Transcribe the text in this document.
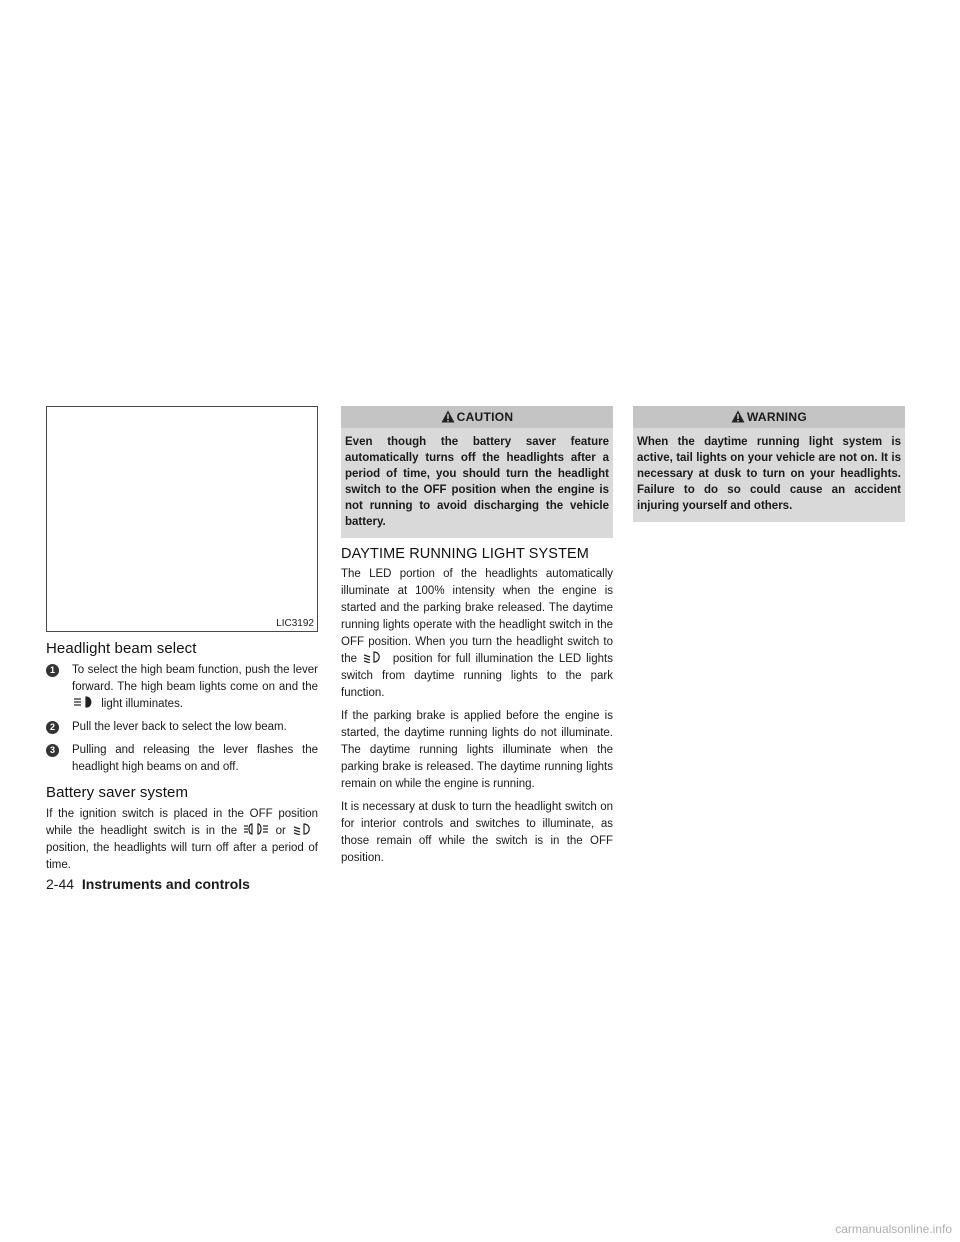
LIC3192
Headlight beam select
1	To select the high beam function, push the lever forward. The high beam lights come on and the
light illuminates.
2	Pull the lever back to select the low beam.
3	Pulling and releasing the lever flashes the headlight high beams on and off.
Battery saver system

If the ignition switch is placed in the OFF position while the headlight switch is in the	or
position, the headlights will turn off after a period of time.

CAUTION
Even though the battery saver feature automatically turns off the headlights after a period of time, you should turn the headlight switch to the OFF position when the engine is not running to avoid discharging the vehicle battery.
DAYTIME RUNNING LIGHT SYSTEM

The LED portion of the headlights automatically illuminate at 100% intensity when the engine is started and the parking brake released. The daytime running lights operate with the headlight switch in the OFF position. When you turn the headlight switch to the	position for full illumination the LED lights switch from daytime running lights to the park function.

If the parking brake is applied before the engine is started, the daytime running lights do not illuminate. The daytime running lights illuminate when the parking brake is released. The daytime running lights remain on while the engine is running.

It is necessary at dusk to turn the headlight switch on for interior controls and switches to illuminate, as those remain off while the switch is in the OFF position.

WARNING
When the daytime running light system is active, tail lights on your vehicle are not on. It is necessary at dusk to turn on your headlights. Failure to do so could cause an accident injuring yourself and others.
2-44 Instruments and controls
carmanualsonline.info
